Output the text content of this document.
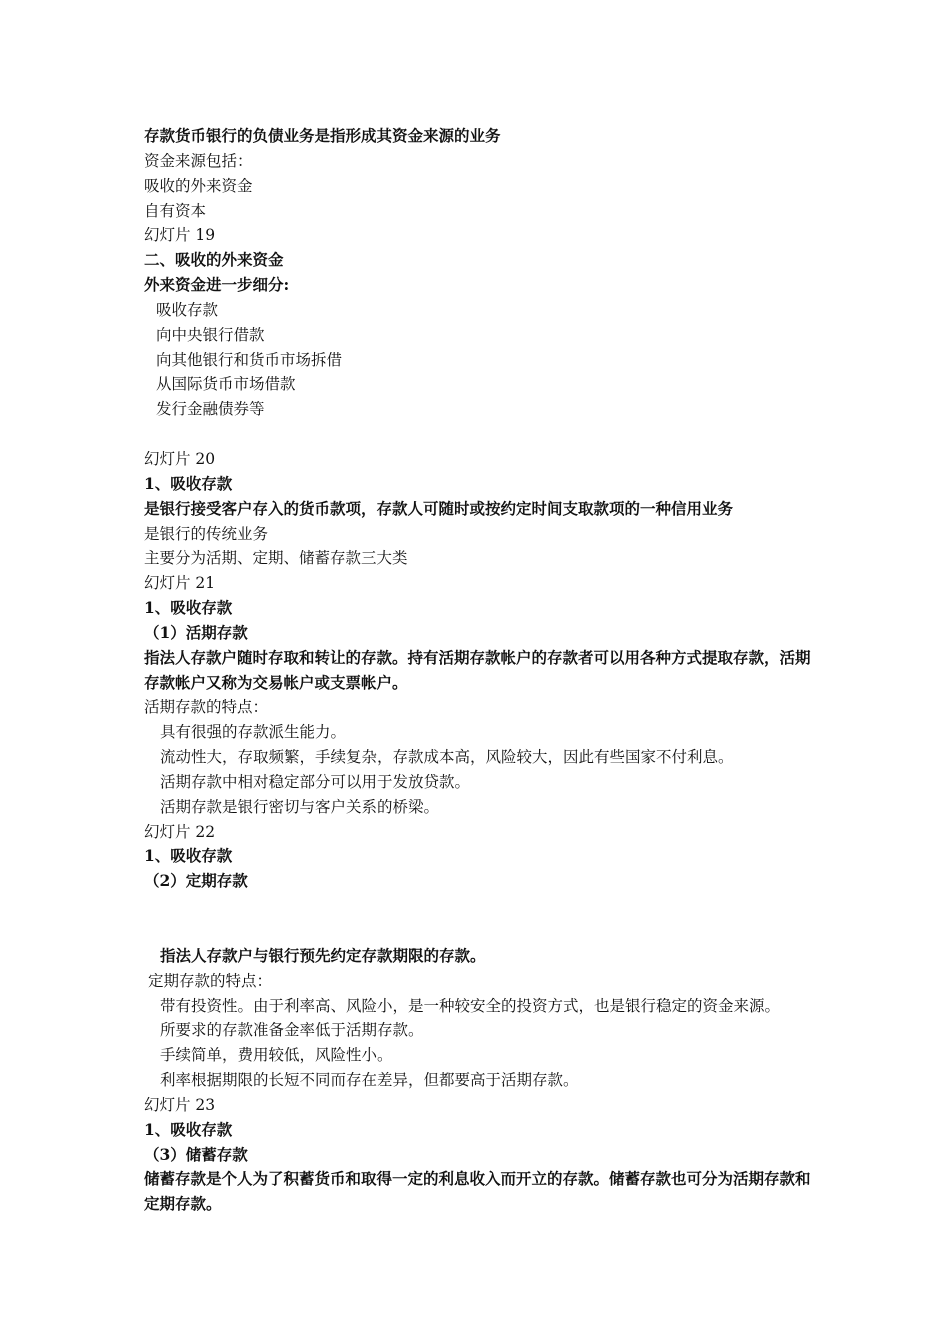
存款货币银行的负债业务是指形成其资金来源的业务
资金来源包括：
吸收的外来资金
自有资本
幻灯片 19
二、吸收的外来资金
外来资金进一步细分:
吸收存款
向中央银行借款
向其他银行和货币市场拆借
从国际货币市场借款
发行金融债券等
幻灯片 20
1、吸收存款
是银行接受客户存入的货币款项，存款人可随时或按约定时间支取款项的一种信用业务
是银行的传统业务
主要分为活期、定期、储蓄存款三大类
幻灯片 21
1、吸收存款
（1）活期存款
指法人存款户随时存取和转让的存款。持有活期存款帐户的存款者可以用各种方式提取存款，活期存款帐户又称为交易帐户或支票帐户。
活期存款的特点：
具有很强的存款派生能力。
流动性大，存取频繁，手续复杂，存款成本高，风险较大，因此有些国家不付利息。
活期存款中相对稳定部分可以用于发放贷款。
活期存款是银行密切与客户关系的桥梁。
幻灯片 22
1、吸收存款
（2）定期存款
指法人存款户与银行预先约定存款期限的存款。
定期存款的特点：
带有投资性。由于利率高、风险小，是一种较安全的投资方式，也是银行稳定的资金来源。
所要求的存款准备金率低于活期存款。
手续简单，费用较低，风险性小。
利率根据期限的长短不同而存在差异，但都要高于活期存款。
幻灯片 23
1、吸收存款
（3）储蓄存款
储蓄存款是个人为了积蓄货币和取得一定的利息收入而开立的存款。储蓄存款也可分为活期存款和定期存款。
